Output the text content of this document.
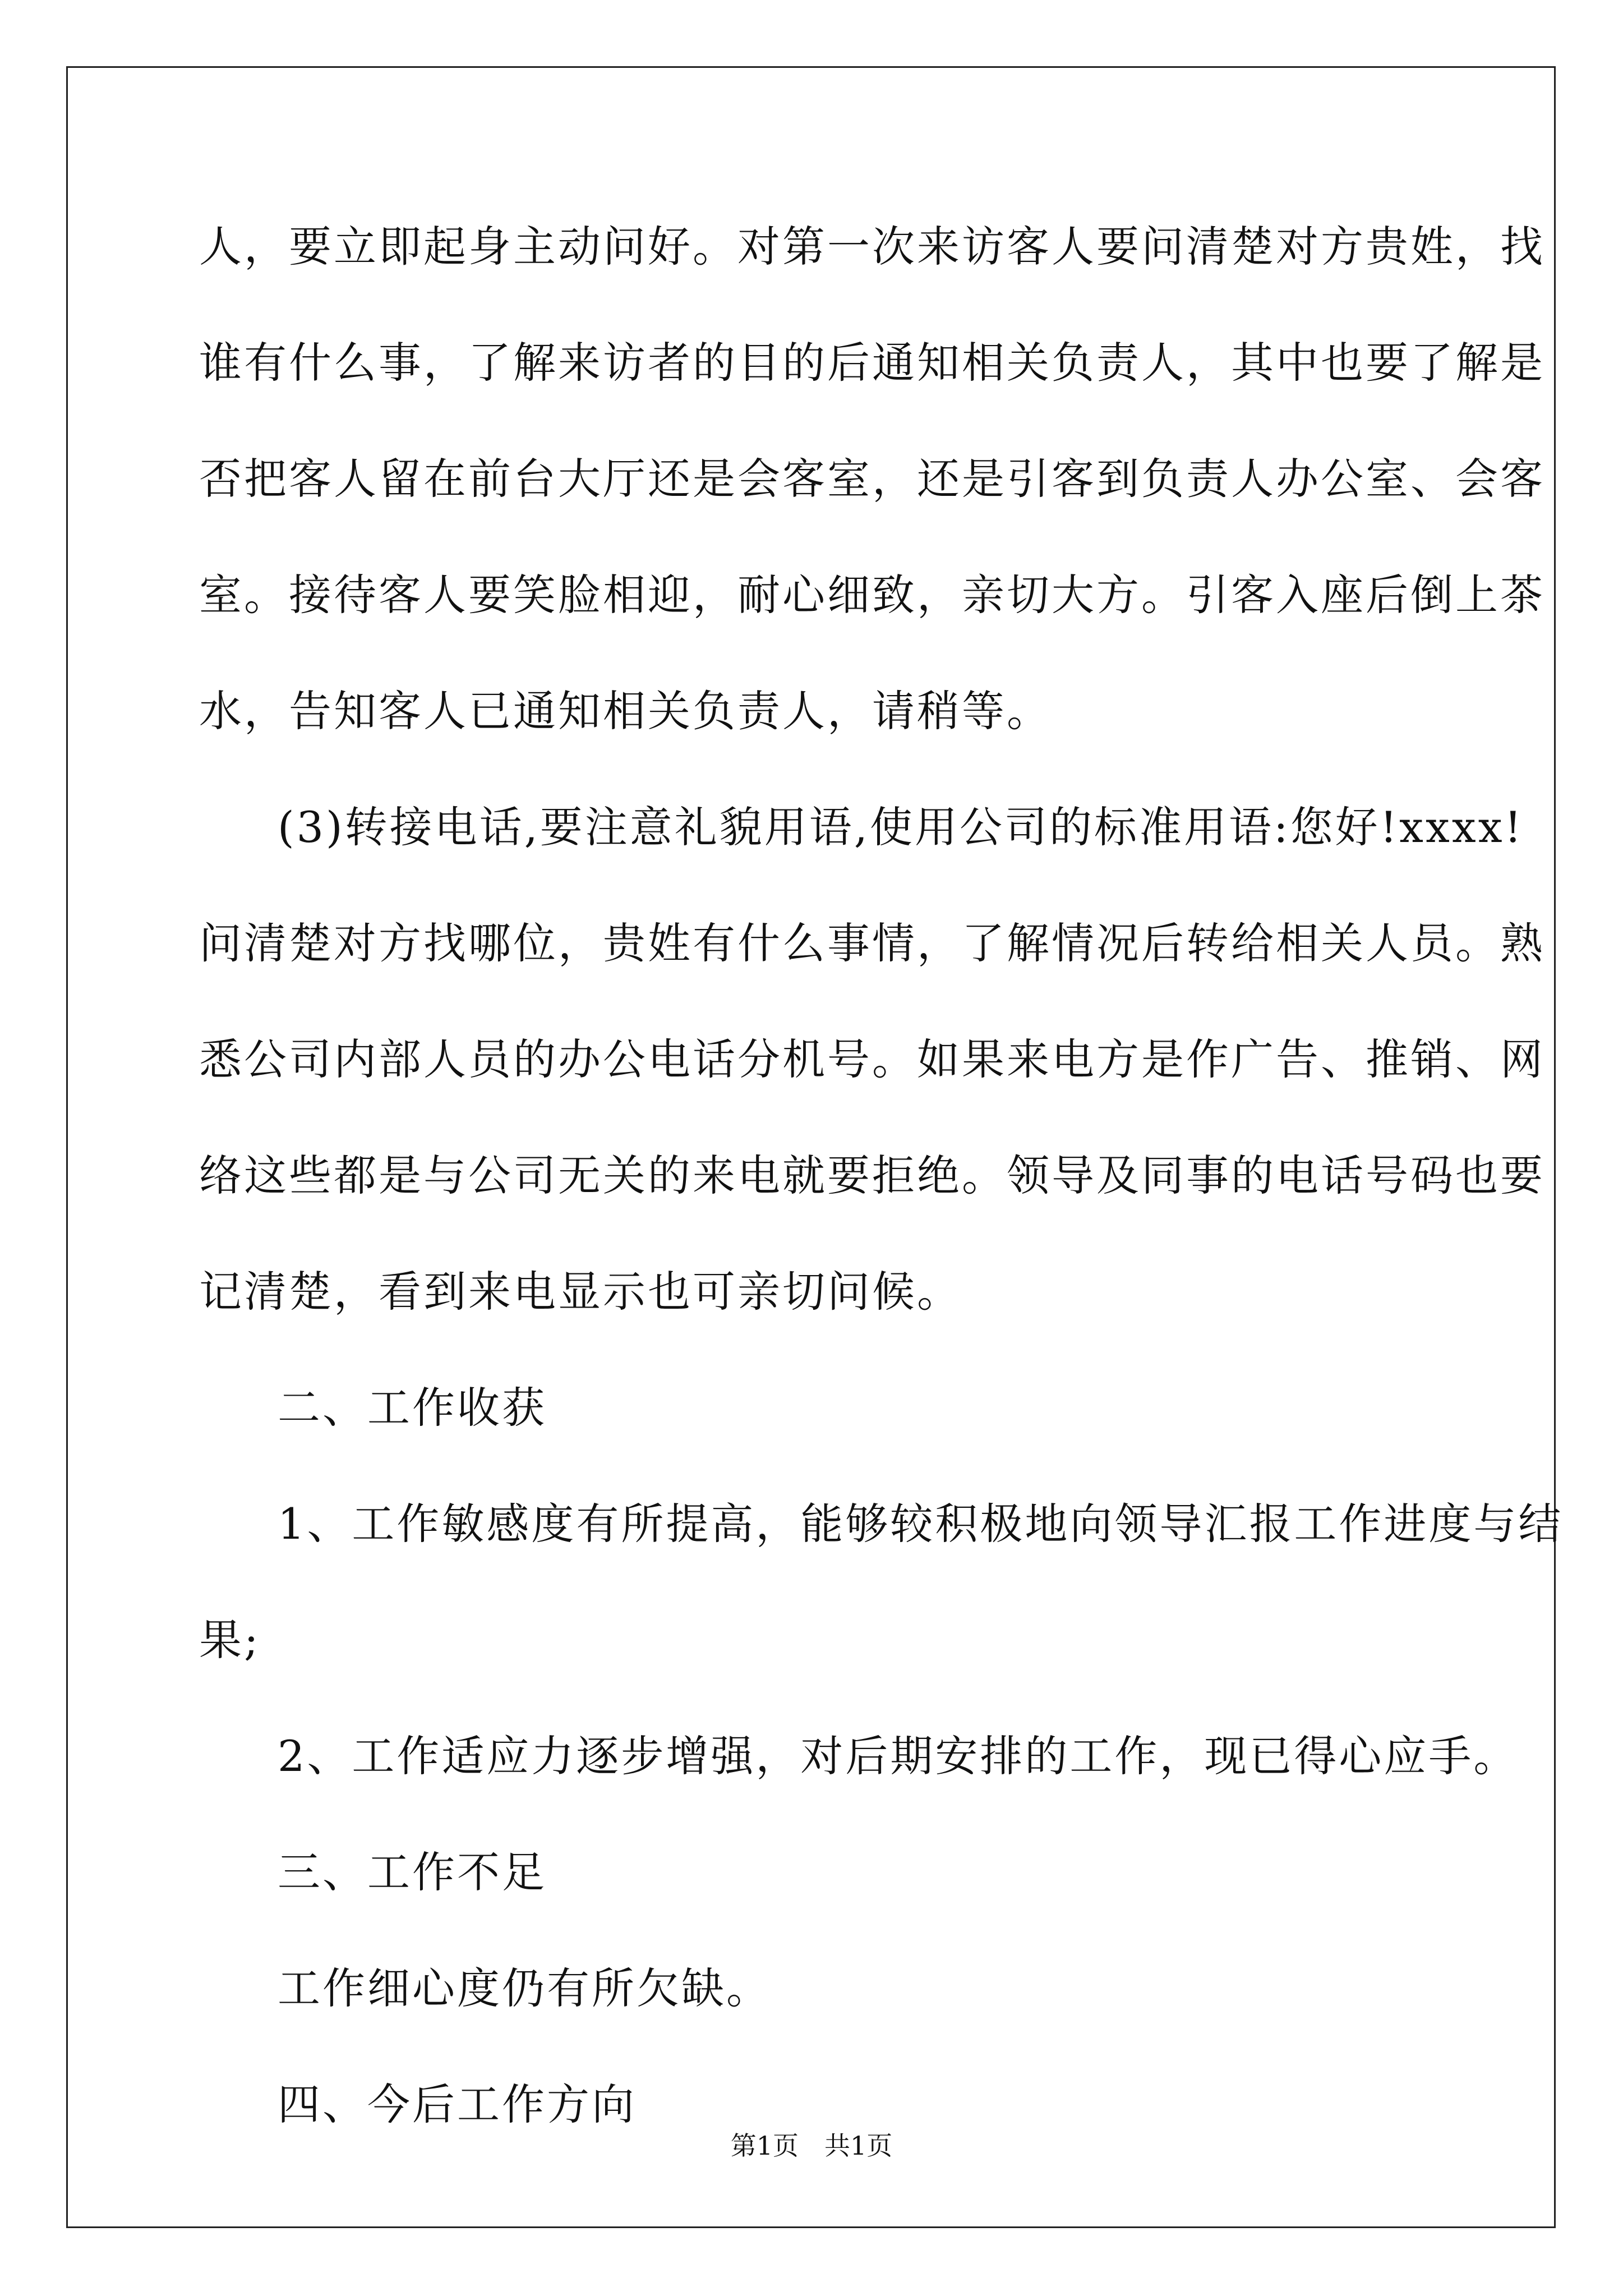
人，要立即起身主动问好。对第一次来访客人要问清楚对方贵姓，找
谁有什么事，了解来访者的目的后通知相关负责人，其中也要了解是
否把客人留在前台大厅还是会客室，还是引客到负责人办公室、会客
室。接待客人要笑脸相迎，耐心细致，亲切大方。引客入座后倒上茶
水，告知客人已通知相关负责人，请稍等。
(3)转接电话,要注意礼貌用语,使用公司的标准用语:您好!xxxx!
问清楚对方找哪位，贵姓有什么事情，了解情况后转给相关人员。熟
悉公司内部人员的办公电话分机号。如果来电方是作广告、推销、网
络这些都是与公司无关的来电就要拒绝。领导及同事的电话号码也要
记清楚，看到来电显示也可亲切问候。
二、工作收获
1、工作敏感度有所提高，能够较积极地向领导汇报工作进度与结
果;
2、工作适应力逐步增强，对后期安排的工作，现已得心应手。
三、工作不足
工作细心度仍有所欠缺。
四、今后工作方向
第1页　共1页
